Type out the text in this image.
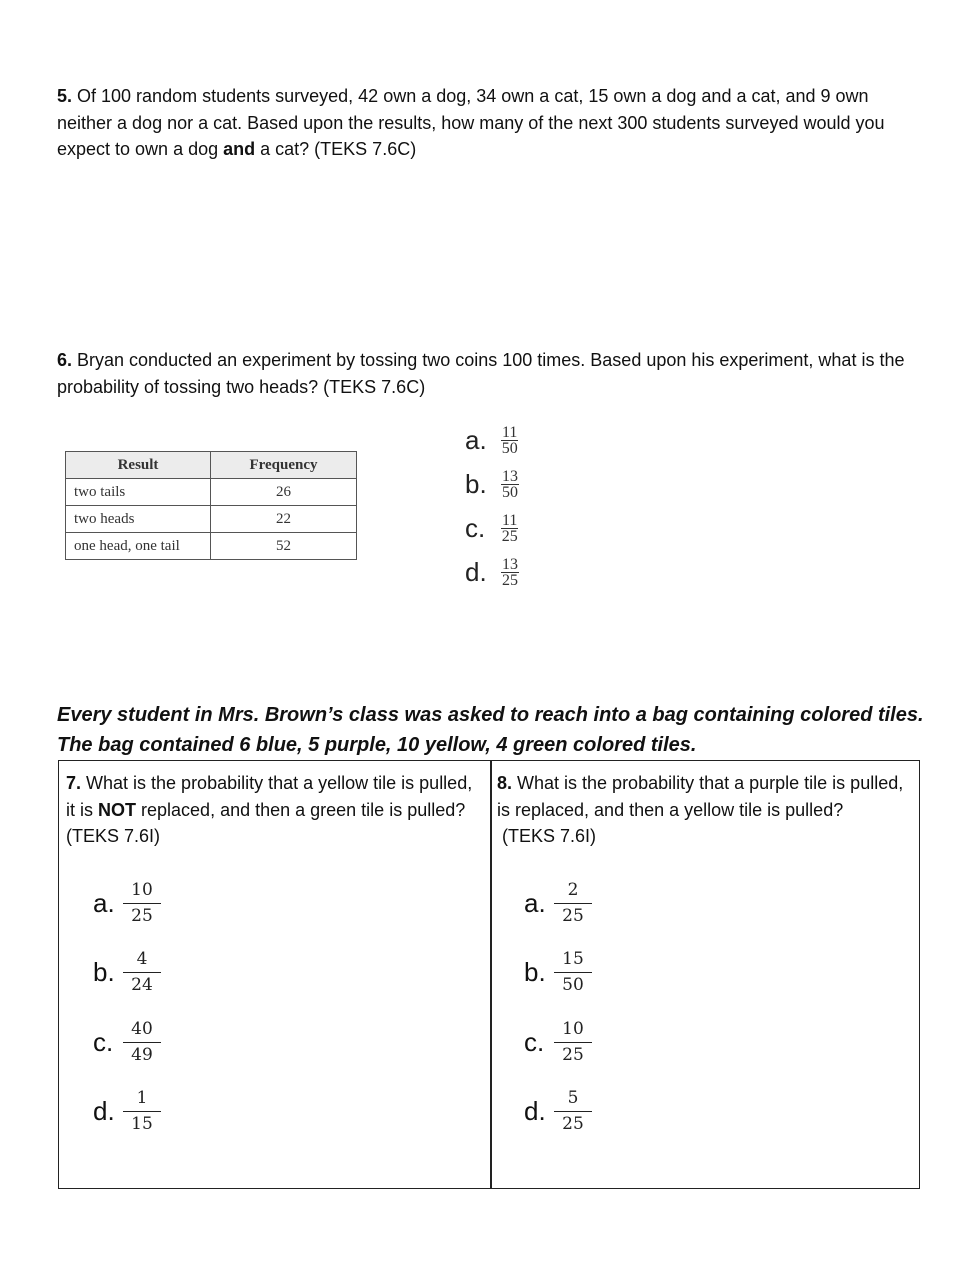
5. Of 100 random students surveyed, 42 own a dog, 34 own a cat, 15 own a dog and a cat, and 9 own neither a dog nor a cat. Based upon the results, how many of the next 300 students surveyed would you expect to own a dog and a cat? (TEKS 7.6C)
6. Bryan conducted an experiment by tossing two coins 100 times. Based upon his experiment, what is the probability of tossing two heads? (TEKS 7.6C)
Result	Frequency
two tails	26
two heads	22
one head, one tail	52
a. $\frac{11}{50}$
b. $\frac{13}{50}$
c. $\frac{11}{25}$
d. $\frac{13}{25}$
Every student in Mrs. Brown’s class was asked to reach into a bag containing colored tiles.
The bag contained 6 blue, 5 purple, 10 yellow, 4 green colored tiles.
7. What is the probability that a yellow tile is pulled, it is NOT replaced, and then a green tile is pulled? (TEKS 7.6I)
8. What is the probability that a purple tile is pulled, is replaced, and then a yellow tile is pulled?
(TEKS 7.6I)
a. $\frac{10}{25}$
b. $\frac{4}{24}$
c. $\frac{40}{49}$
d. $\frac{1}{15}$
a. $\frac{2}{25}$
b. $\frac{15}{50}$
c. $\frac{10}{25}$
d. $\frac{5}{25}$
